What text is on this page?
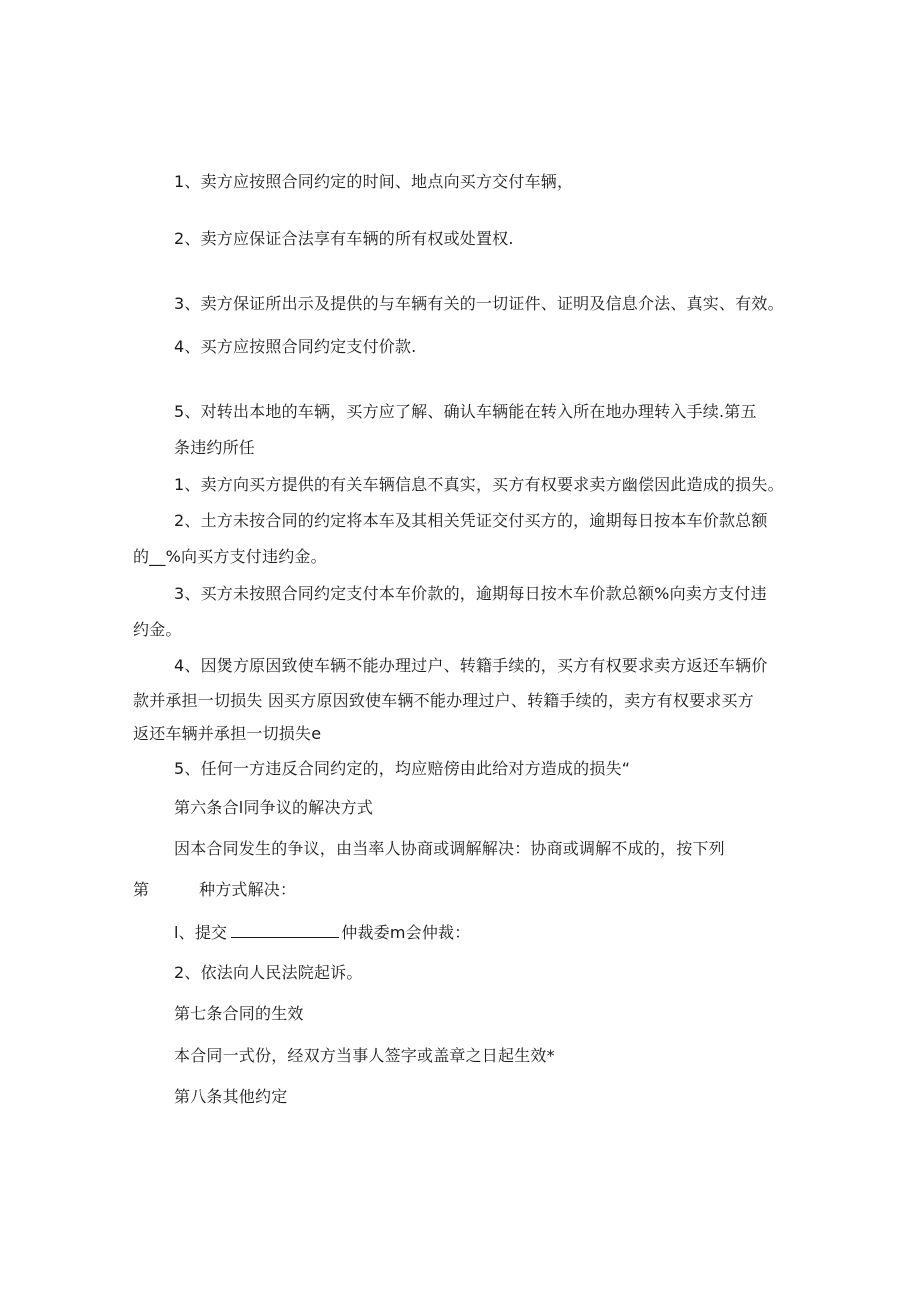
1、卖方应按照合同约定的时间、地点向买方交付车辆，
2、卖方应保证合法享有车辆的所有权或处置权.
3、卖方保证所出示及提供的与车辆有关的一切证件、证明及信息介法、真实、有效。
4、买方应按照合同约定支付价款.
5、对转出本地的车辆，买方应了解、确认车辆能在转入所在地办理转入手续.第五
条违约所任
1、卖方向买方提供的有关车辆信息不真实，买方有权要求卖方幽偿因此造成的损失。
2、土方未按合同的约定将本车及其相关凭证交付买方的，逾期每日按本车价款总额
的__%向买方支付违约金。
3、买方未按照合同约定支付本车价款的，逾期每日按木车价款总额%向卖方支付违
约金。
4、因煲方原因致使车辆不能办理过户、转籍手续的，买方有权要求卖方返还车辆价
款并承担一切损失 因买方原因致使车辆不能办理过户、转籍手续的，卖方有权要求买方
返还车辆并承担一切损失e
5、任何一方违反合同约定的，均应赔傍由此给对方造成的损失“
第六条合l同争议的解决方式
因本合同发生的争议，由当率人协商或调解解决：协商或调解不成的，按下列
第	种方式解决：
l、提交	仲裁委m会仲裁：
2、依法向人民法院起诉。
第七条合同的生效
本合同一式份，经双方当事人签字或盖章之日起生效*
第八条其他约定
